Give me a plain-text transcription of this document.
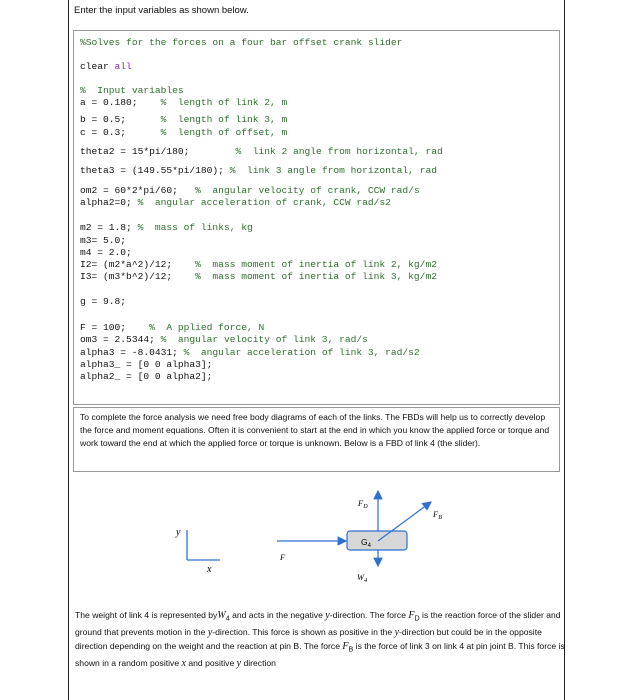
Enter the input variables as shown below.
%Solves for the forces on a four bar offset crank slider
clear all
%  Input variables
a = 0.180; %  length of link 2, m
b = 0.5;	%  length of link 3, m
c = 0.3;	%  length of offset, m
theta2 = 15*pi/180;	%  link 2 angle from horizontal, rad
theta3 = (149.55*pi/180); %  link 3 angle from horizontal, rad
om2 = 60*2*pi/60; %  angular velocity of crank, CCW rad/s
alpha2=0; %  angular acceleration of crank, CCW rad/s2
m2 = 1.8; %  mass of links, kg
m3= 5.0;
m4 = 2.0;
I2= (m2*a^2)/12; %  mass moment of inertia of link 2, kg/m2
I3= (m3*b^2)/12; %  mass moment of inertia of link 3, kg/m2
g = 9.8;
F = 100; %  A pplied force, N
om3 = 2.5344; %  angular velocity of link 3, rad/s
alpha3 = -8.0431; %  angular acceleration of link 3, rad/s2
alpha3_ = [0 0 alpha3];
alpha2_ = [0 0 alpha2];
To complete the force analysis we need free body diagrams of each of the links. The FBDs will help us to correctly develop the force and moment equations. Often it is convenient to start at the end in which you know the applied force or torque and work toward the end at which the applied force or torque is unknown. Below is a FBD of link 4 (the slider).
y
x
$G_4$
F
$F_D$
$F_B$
$W_4$
The weight of link 4 is represented byW$_4$ and acts in the negative y-direction. The force $F_D$ is the reaction force of the slider and ground that prevents motion in the y-direction. This force is shown as positive in the y-direction but could be in the opposite direction depending on the weight and the reaction at pin B. The force $F_B$ is the force of link 3 on link 4 at pin joint B. This force is shown in a random positive x and positive y direction
